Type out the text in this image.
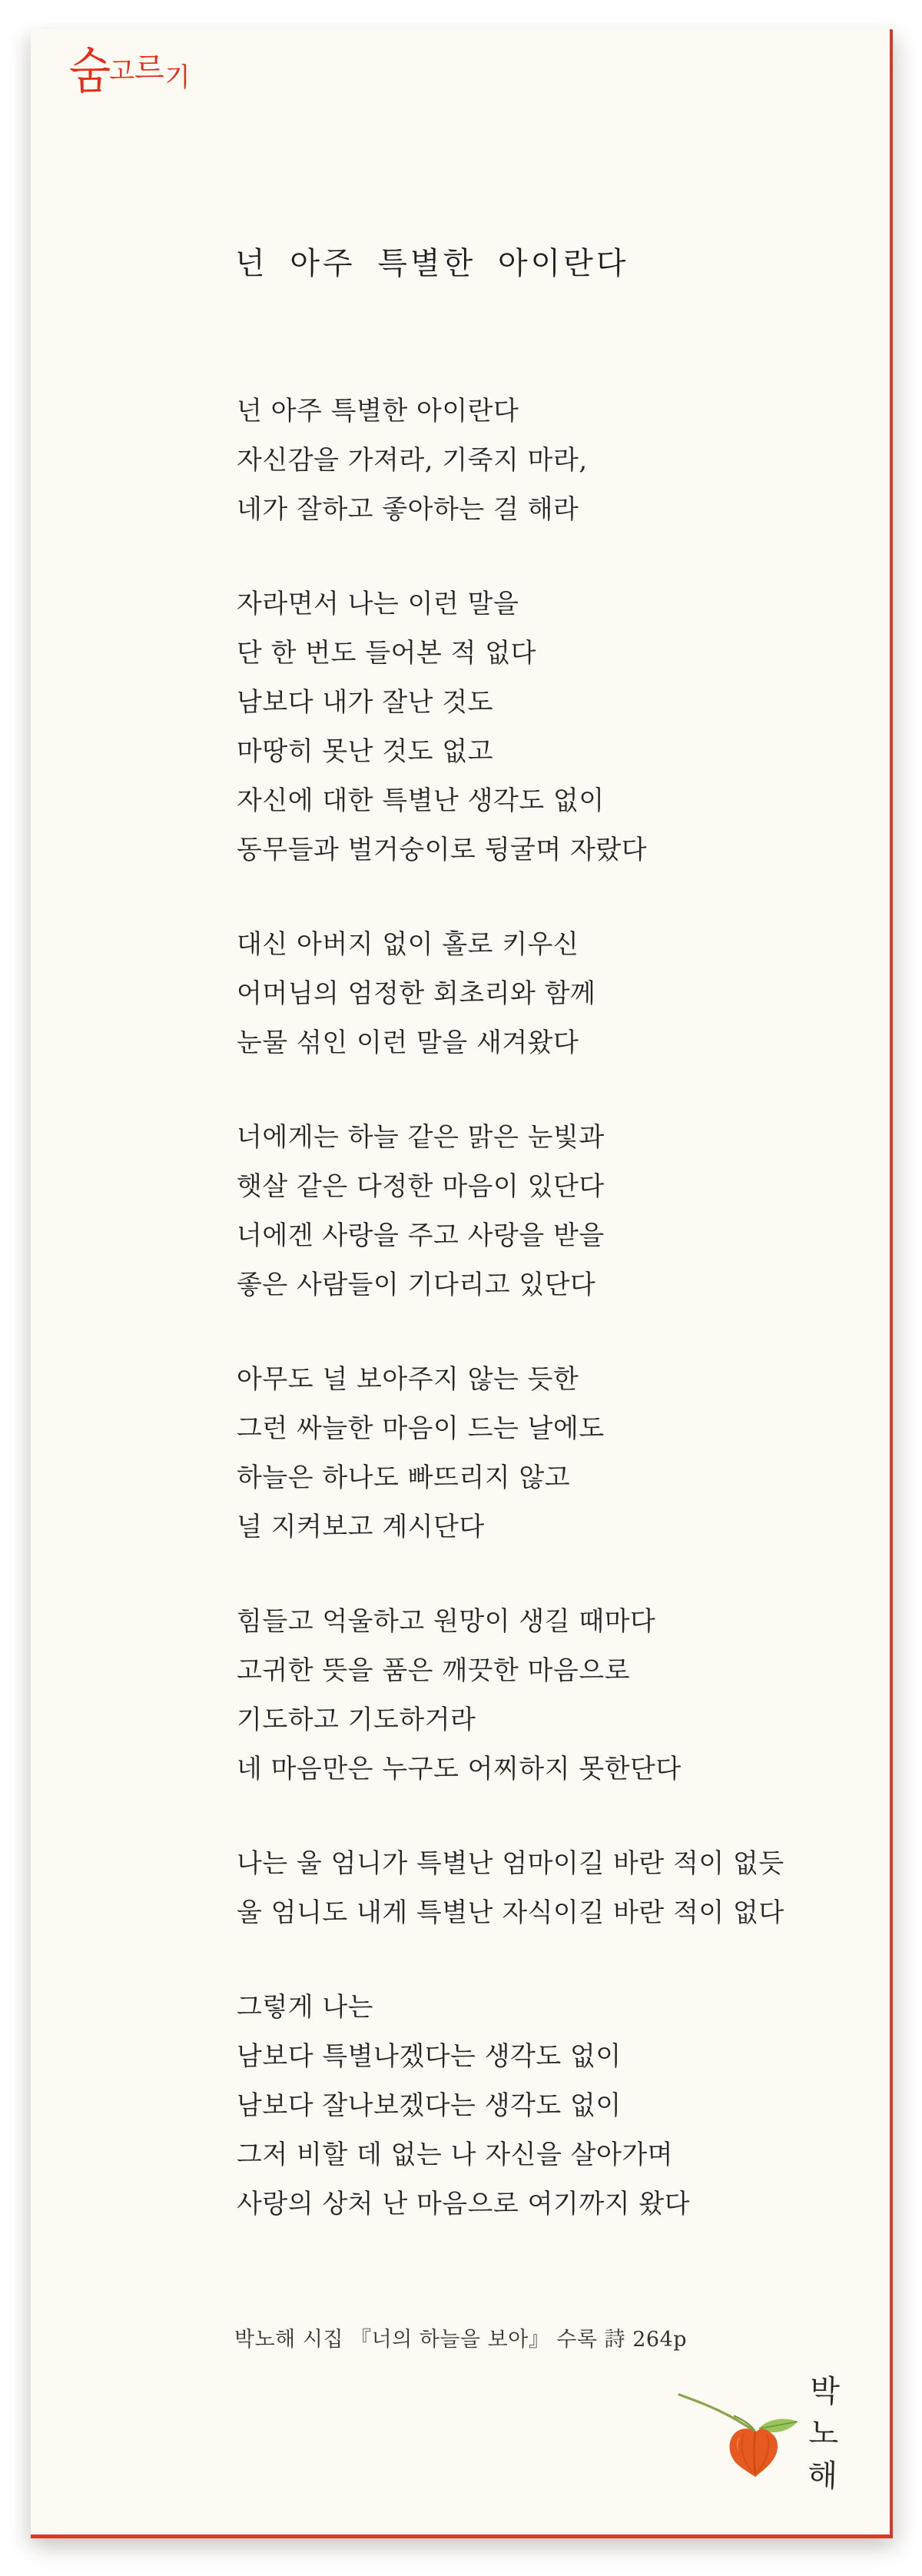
숨고르기
넌 아주 특별한 아이란다
넌 아주 특별한 아이란다
자신감을 가져라, 기죽지 마라,
네가 잘하고 좋아하는 걸 해라
자라면서 나는 이런 말을
단 한 번도 들어본 적 없다
남보다 내가 잘난 것도
마땅히 못난 것도 없고
자신에 대한 특별난 생각도 없이
동무들과 벌거숭이로 뒹굴며 자랐다
대신 아버지 없이 홀로 키우신
어머님의 엄정한 회초리와 함께
눈물 섞인 이런 말을 새겨왔다
너에게는 하늘 같은 맑은 눈빛과
햇살 같은 다정한 마음이 있단다
너에겐 사랑을 주고 사랑을 받을
좋은 사람들이 기다리고 있단다
아무도 널 보아주지 않는 듯한
그런 싸늘한 마음이 드는 날에도
하늘은 하나도 빠뜨리지 않고
널 지켜보고 계시단다
힘들고 억울하고 원망이 생길 때마다
고귀한 뜻을 품은 깨끗한 마음으로
기도하고 기도하거라
네 마음만은 누구도 어찌하지 못한단다
나는 울 엄니가 특별난 엄마이길 바란 적이 없듯
울 엄니도 내게 특별난 자식이길 바란 적이 없다
그렇게 나는
남보다 특별나겠다는 생각도 없이
남보다 잘나보겠다는 생각도 없이
그저 비할 데 없는 나 자신을 살아가며
사랑의 상처 난 마음으로 여기까지 왔다
박노해 시집 『너의 하늘을 보아』 수록 詩 264p
박
노
해
